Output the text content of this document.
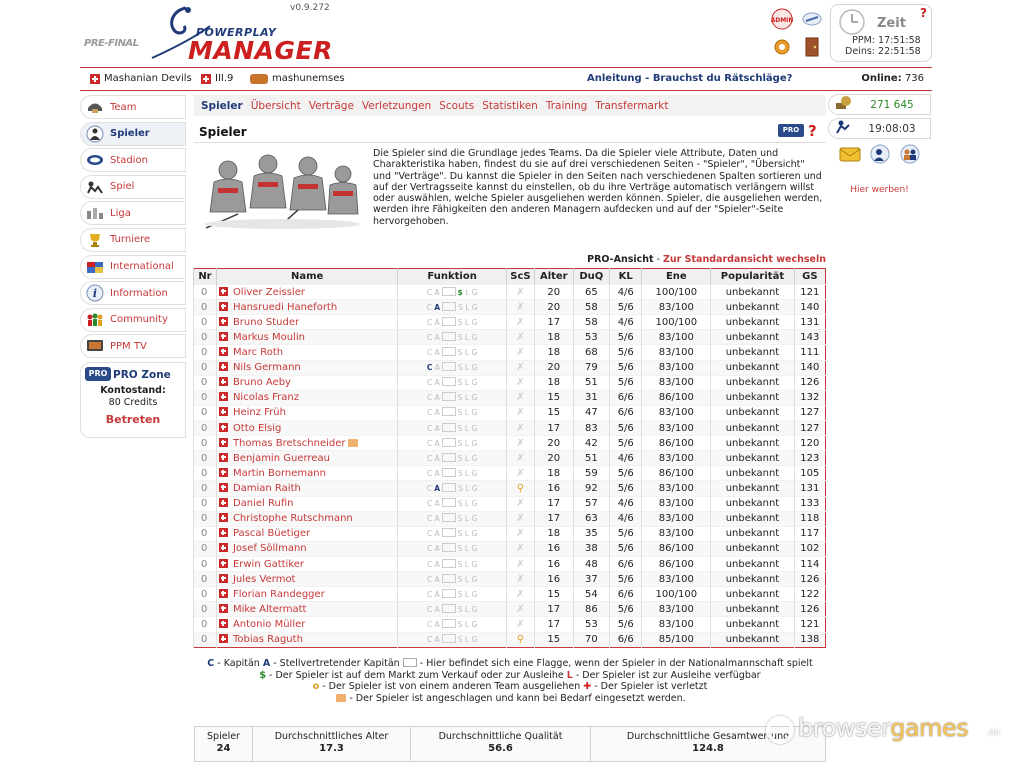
PRE-FINAL
POWERPLAY
MANAGER
v0.9.272
ADMIN	Zeit
?
PPM: 17:51:58
Deins: 22:51:58
Mashanian Devils III.9	mashunemses	Anleitung - Brauchst du Rätschläge?	Online: 736
Team
Spieler
Stadion
Spiel
Liga
Turniere
International
i Information
Community
PPM TV
PRO PRO Zone
Kontostand:
80 Credits
Betreten
Spieler Übersicht Verträge Verletzungen Scouts Statistiken Training Transfermarkt
Spieler	PRO ?
Die Spieler sind die Grundlage jedes Teams. Da die Spieler viele Attribute, Daten und Charakteristika haben, findest du sie auf drei verschiedenen Seiten - "Spieler", "Übersicht" und "Verträge". Du kannst die Spieler in den Seiten nach verschiedenen Spalten sortieren und auf der Vertragsseite kannst du einstellen, ob du ihre Verträge automatisch verlängern willst oder auswählen, welche Spieler ausgeliehen werden können. Spieler, die ausgeliehen werden, werden ihre Fähigkeiten den anderen Managern aufdecken und auf der "Spieler"-Seite hervorgehoben.
PRO-Ansicht - Zur Standardansicht wechseln
Nr	Name	Funktion	ScS	Alter	DuQ	KL	Ene	Popularität	GS
0	Oliver Zeissler	C A $ L G	✗	20	65	4/6	100/100	unbekannt	121
0	Hansruedi Haneforth	C A S L G	✗	20	58	5/6	83/100	unbekannt	140
0	Bruno Studer	C A S L G	✗	17	58	4/6	100/100	unbekannt	131
0	Markus Moulin	C A S L G	✗	18	53	5/6	83/100	unbekannt	143
0	Marc Roth	C A S L G	✗	18	68	5/6	83/100	unbekannt	111
0	Nils Germann	C A S L G	✗	20	79	5/6	83/100	unbekannt	140
0	Bruno Aeby	C A S L G	✗	18	51	5/6	83/100	unbekannt	126
0	Nicolas Franz	C A S L G	✗	15	31	6/6	86/100	unbekannt	132
0	Heinz Früh	C A S L G	✗	15	47	6/6	83/100	unbekannt	127
0	Otto Elsig	C A S L G	✗	17	83	5/6	83/100	unbekannt	127
0	Thomas Bretschneider	C A S L G	✗	20	42	5/6	86/100	unbekannt	120
0	Benjamin Guerreau	C A S L G	✗	20	51	4/6	83/100	unbekannt	123
0	Martin Bornemann	C A S L G	✗	18	59	5/6	86/100	unbekannt	105
0	Damian Raith	C A S L G	⚲	16	92	5/6	83/100	unbekannt	131
0	Daniel Rufin	C A S L G	✗	17	57	4/6	83/100	unbekannt	133
0	Christophe Rutschmann	C A S L G	✗	17	63	4/6	83/100	unbekannt	118
0	Pascal Büetiger	C A S L G	✗	18	35	5/6	83/100	unbekannt	117
0	Josef Söllmann	C A S L G	✗	16	38	5/6	86/100	unbekannt	102
0	Erwin Gattiker	C A S L G	✗	16	48	6/6	86/100	unbekannt	114
0	Jules Vermot	C A S L G	✗	16	37	5/6	83/100	unbekannt	126
0	Florian Randegger	C A S L G	✗	15	54	6/6	100/100	unbekannt	122
0	Mike Altermatt	C A S L G	✗	17	86	5/6	83/100	unbekannt	126
0	Antonio Müller	C A S L G	✗	17	53	5/6	83/100	unbekannt	121
0	Tobias Raguth	C A S L G	⚲	15	70	6/6	85/100	unbekannt	138
C - Kapitän A - Stellvertretender Kapitän  - Hier befindet sich eine Flagge, wenn der Spieler in der Nationalmannschaft spielt
$ - Der Spieler ist auf dem Markt zum Verkauf oder zur Ausleihe L - Der Spieler ist zur Ausleihe verfügbar
o - Der Spieler ist von einem anderen Team ausgeliehen ✚ - Der Spieler ist verletzt
- Der Spieler ist angeschlagen und kann bei Bedarf eingesetzt werden.
Spieler
24
Durchschnittliches Alter
17.3
Durchschnittliche Qualität
56.6
Durchschnittliche Gesamtwertung
124.8
271 645
19:08:03
Hier werben!
browsergames .de
